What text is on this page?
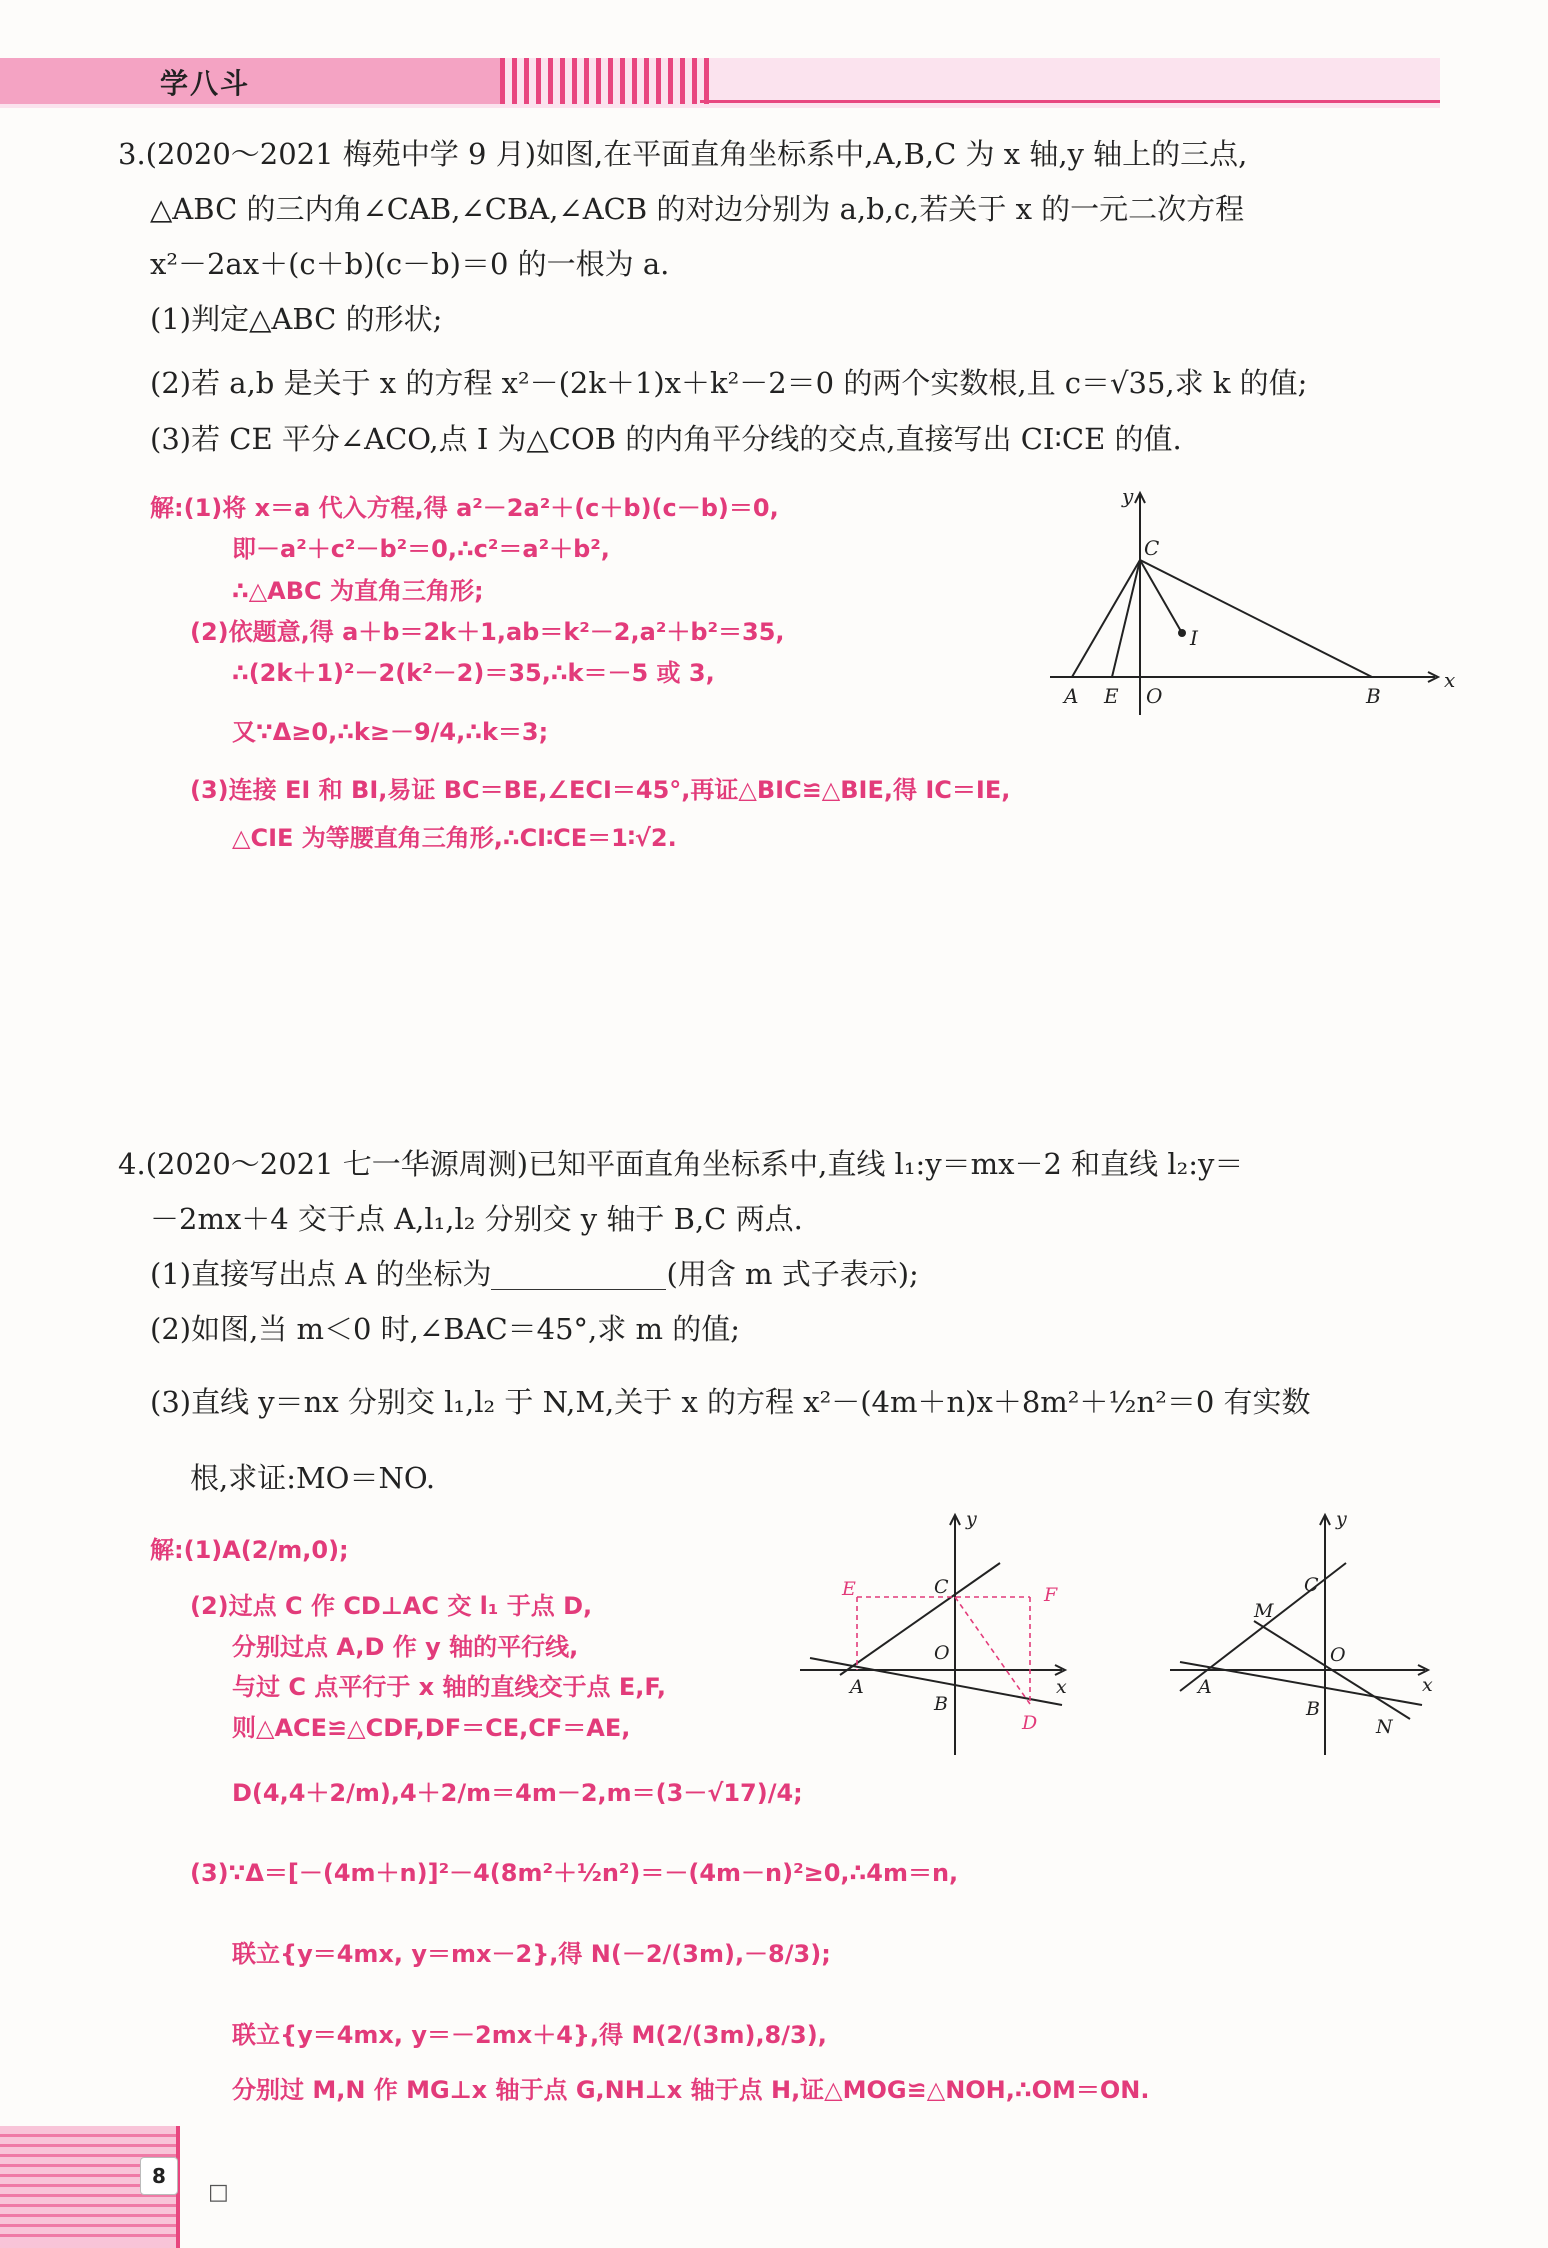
学八斗
3.(2020～2021 梅苑中学 9 月)如图,在平面直角坐标系中,A,B,C 为 x 轴,y 轴上的三点,
△ABC 的三内角∠CAB,∠CBA,∠ACB 的对边分别为 a,b,c,若关于 x 的一元二次方程
x²－2ax＋(c＋b)(c－b)＝0 的一根为 a.
(1)判定△ABC 的形状;
(2)若 a,b 是关于 x 的方程 x²－(2k＋1)x＋k²－2＝0 的两个实数根,且 c＝√35,求 k 的值;
(3)若 CE 平分∠ACO,点 I 为△COB 的内角平分线的交点,直接写出 CI∶CE 的值.
解:(1)将 x＝a 代入方程,得 a²－2a²＋(c＋b)(c－b)＝0,
即－a²＋c²－b²＝0,∴c²＝a²＋b²,
∴△ABC 为直角三角形;
(2)依题意,得 a＋b＝2k＋1,ab＝k²－2,a²＋b²＝35,
∴(2k＋1)²－2(k²－2)＝35,∴k＝－5 或 3,
又∵Δ≥0,∴k≥－9/4,∴k＝3;
(3)连接 EI 和 BI,易证 BC＝BE,∠ECI＝45°,再证△BIC≌△BIE,得 IC＝IE,
△CIE 为等腰直角三角形,∴CI∶CE＝1∶√2.
y
x
C
I
A E O	B
4.(2020～2021 七一华源周测)已知平面直角坐标系中,直线 l₁:y＝mx－2 和直线 l₂:y＝
－2mx＋4 交于点 A,l₁,l₂ 分别交 y 轴于 B,C 两点.
(1)直接写出点 A 的坐标为	(用含 m 式子表示);
(2)如图,当 m＜0 时,∠BAC＝45°,求 m 的值;
(3)直线 y＝nx 分别交 l₁,l₂ 于 N,M,关于 x 的方程 x²－(4m＋n)x＋8m²＋½n²＝0 有实数
根,求证:MO＝NO.
解:(1)A(2/m,0);
(2)过点 C 作 CD⊥AC 交 l₁ 于点 D,
分别过点 A,D 作 y 轴的平行线,
与过 C 点平行于 x 轴的直线交于点 E,F,
则△ACE≌△CDF,DF＝CE,CF＝AE,
D(4,4＋2/m),4＋2/m＝4m－2,m＝(3－√17)/4;
(3)∵Δ＝[－(4m＋n)]²－4(8m²＋½n²)＝－(4m－n)²≥0,∴4m＝n,
联立{y＝4mx, y＝mx－2},得 N(－2/(3m),－8/3);
联立{y＝4mx, y＝－2mx＋4},得 M(2/(3m),8/3),
分别过 M,N 作 MG⊥x 轴于点 G,NH⊥x 轴于点 H,证△MOG≌△NOH,∴OM＝ON.
y
x
C
E	F
O
A
B
D
y
x
C
M
O
A
B
N
8
□
